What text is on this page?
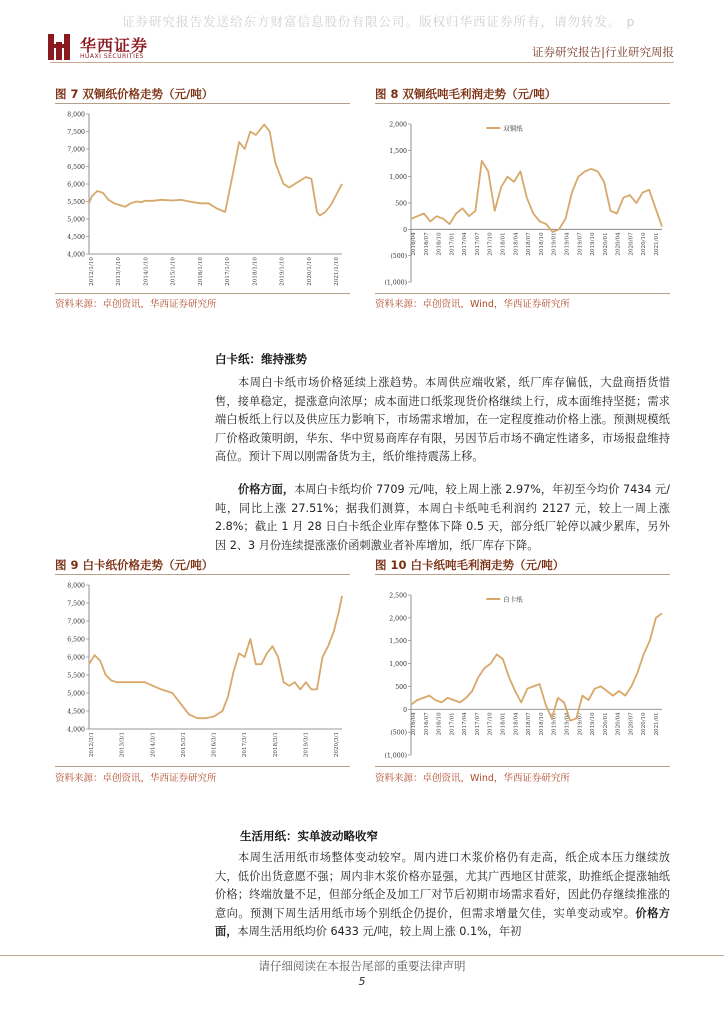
证券研究报告发送给东方财富信息股份有限公司。版权归华西证券所有，请勿转发。 p
华西证券
HUAXI SECURITIES	证券研究报告|行业研究周报
图 7 双铜纸价格走势（元/吨）
8,000
7,500
7,000
6,500
6,000
5,500
5,000
4,500
4,000
2012/1/10	2013/1/10	2014/1/10	2015/1/10	2016/1/10	2017/1/10	2018/1/10	2019/1/10	2020/1/10	2021/1/10
资料来源：卓创资讯，华西证券研究所
图 8 双铜纸吨毛利润走势（元/吨）
2,000
1,500
1,000
500
0
(500)
(1,000)
2016/04 2016/07 2016/10 2017/01 2017/04 2017/07 2017/10 2018/01 2018/04 2018/07 2018/10 2019/01 2019/04 2019/07 2019/10 2020/01 2020/04 2020/07 2020/10 2021/01
双铜纸
资料来源：卓创资讯，Wind，华西证券研究所
白卡纸：维持涨势
本周白卡纸市场价格延续上涨趋势。本周供应端收紧，纸厂库存偏低，大盘商捂货惜售，接单稳定，提涨意向浓厚；成本面进口纸浆现货价格继续上行，成本面维持坚挺；需求端白板纸上行以及供应压力影响下，市场需求增加，在一定程度推动价格上涨。预测规模纸厂价格政策明朗，华东、华中贸易商库存有限，另因节后市场不确定性诸多，市场报盘维持高位。预计下周以刚需备货为主，纸价维持震荡上移。
价格方面，本周白卡纸均价 7709 元/吨，较上周上涨 2.97%，年初至今均价 7434 元/吨，同比上涨 27.51%；据我们测算，本周白卡纸吨毛利润约 2127 元，较上一周上涨 2.8%；截止 1 月 28 日白卡纸企业库存整体下降 0.5 天，部分纸厂轮停以减少累库，另外因 2、3 月份连续提涨涨价函刺激业者补库增加，纸厂库存下降。
图 9 白卡纸价格走势（元/吨）
8,000
7,500
7,000
6,500
6,000
5,500
5,000
4,500
4,000
2012/3/1	2013/3/1	2014/3/1	2015/3/1	2016/3/1	2017/3/1	2018/3/1	2019/3/1	2020/3/1
资料来源：卓创资讯，华西证券研究所
图 10 白卡纸吨毛利润走势（元/吨）
2,500
2,000
1,500
1,000
500
0
(500)
(1,000)
2016/04 2016/07 2016/10 2017/01 2017/04 2017/07 2017/10 2018/01 2018/04 2018/07 2018/10 2019/01 2019/04 2019/07 2019/10 2020/01 2020/04 2020/07 2020/10 2021/01
白卡纸
资料来源：卓创资讯，Wind，华西证券研究所
生活用纸：实单波动略收窄
本周生活用纸市场整体变动较窄。周内进口木浆价格仍有走高，纸企成本压力继续放大，低价出货意愿不强；周内非木浆价格亦显强，尤其广西地区甘蔗浆，助推纸企提涨轴纸价格；终端放量不足，但部分纸企及加工厂对节后初期市场需求看好，因此仍存继续推涨的意向。预测下周生活用纸市场个别纸企仍提价，但需求增量欠佳，实单变动或窄。价格方面，本周生活用纸均价 6433 元/吨，较上周上涨 0.1%，年初
请仔细阅读在本报告尾部的重要法律声明
5
